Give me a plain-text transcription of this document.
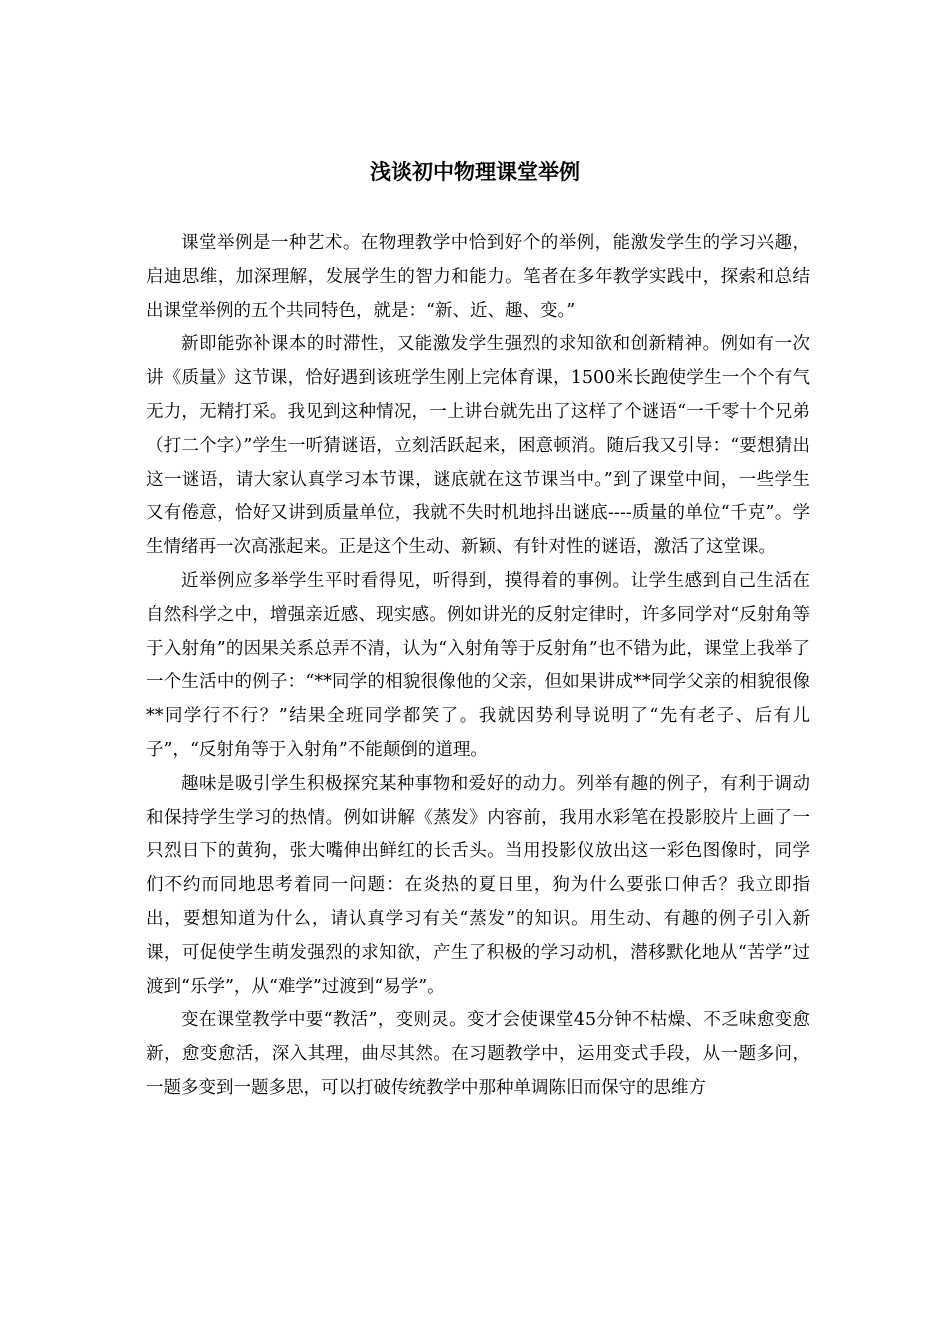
浅谈初中物理课堂举例

课堂举例是一种艺术。在物理教学中恰到好个的举例，能激发学生的学习兴趣，启迪思维，加深理解，发展学生的智力和能力。笔者在多年教学实践中，探索和总结出课堂举例的五个共同特色，就是：“新、近、趣、变。”

新即能弥补课本的时滞性，又能激发学生强烈的求知欲和创新精神。例如有一次讲《质量》这节课，恰好遇到该班学生刚上完体育课，1500米长跑使学生一个个有气无力，无精打采。我见到这种情况，一上讲台就先出了这样了个谜语“一千零十个兄弟（打二个字）”学生一听猜谜语，立刻活跃起来，困意顿消。随后我又引导：“要想猜出这一谜语，请大家认真学习本节课，谜底就在这节课当中。”到了课堂中间，一些学生又有倦意，恰好又讲到质量单位，我就不失时机地抖出谜底----质量的单位“千克”。学生情绪再一次高涨起来。正是这个生动、新颖、有针对性的谜语，激活了这堂课。

近举例应多举学生平时看得见，听得到，摸得着的事例。让学生感到自己生活在自然科学之中，增强亲近感、现实感。例如讲光的反射定律时，许多同学对“反射角等于入射角”的因果关系总弄不清，认为“入射角等于反射角”也不错为此，课堂上我举了一个生活中的例子：“**同学的相貌很像他的父亲，但如果讲成**同学父亲的相貌很像**同学行不行？”结果全班同学都笑了。我就因势利导说明了“先有老子、后有儿子”，“反射角等于入射角”不能颠倒的道理。

趣味是吸引学生积极探究某种事物和爱好的动力。列举有趣的例子，有利于调动和保持学生学习的热情。例如讲解《蒸发》内容前，我用水彩笔在投影胶片上画了一只烈日下的黄狗，张大嘴伸出鲜红的长舌头。当用投影仪放出这一彩色图像时，同学们不约而同地思考着同一问题：在炎热的夏日里，狗为什么要张口伸舌？我立即指出，要想知道为什么，请认真学习有关“蒸发”的知识。用生动、有趣的例子引入新课，可促使学生萌发强烈的求知欲，产生了积极的学习动机，潜移默化地从“苦学”过渡到“乐学”，从“难学”过渡到“易学”。

变在课堂教学中要“教活”，变则灵。变才会使课堂45分钟不枯燥、不乏味愈变愈新，愈变愈活，深入其理，曲尽其然。在习题教学中，运用变式手段，从一题多问，一题多变到一题多思，可以打破传统教学中那种单调陈旧而保守的思维方
